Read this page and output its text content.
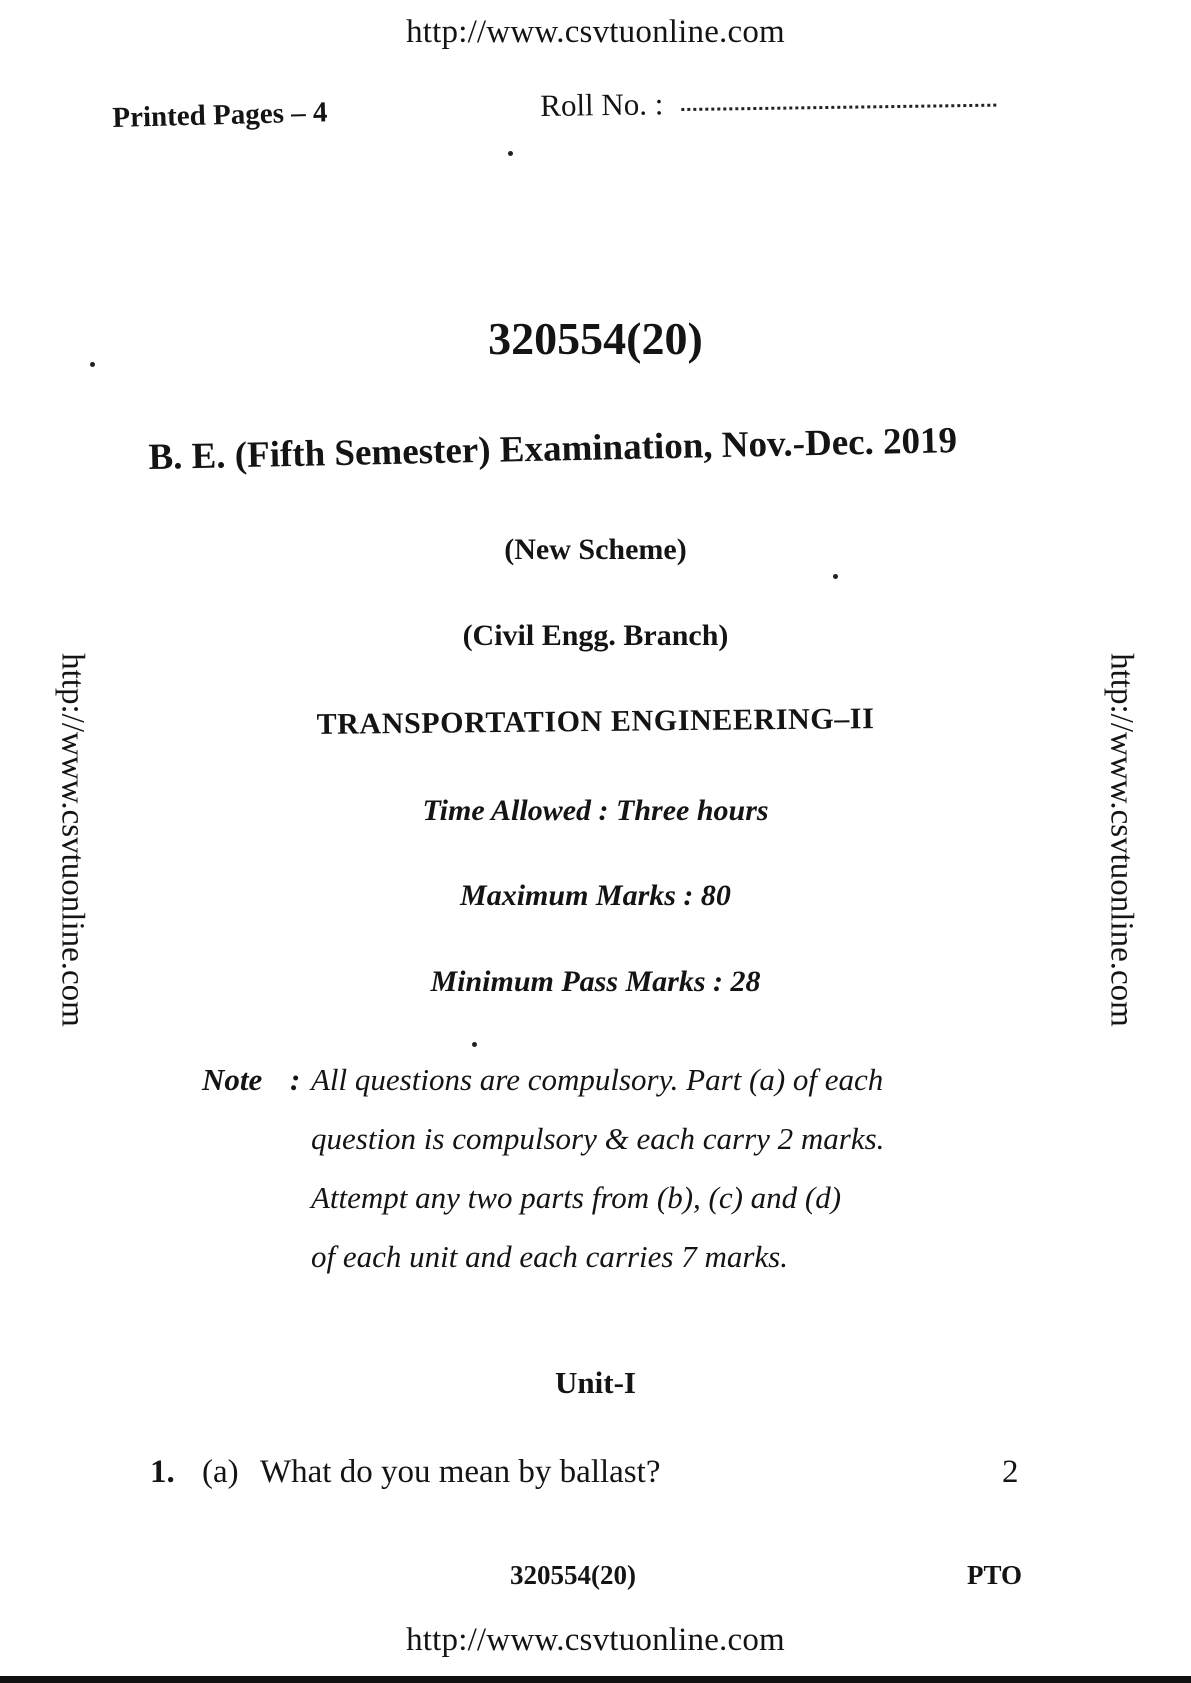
http://www.csvtuonline.com
Printed Pages – 4	Roll No. :
320554(20)
B. E. (Fifth Semester) Examination, Nov.-Dec. 2019
(New Scheme)
(Civil Engg. Branch)
TRANSPORTATION ENGINEERING–II
Time Allowed : Three hours
Maximum Marks : 80
Minimum Pass Marks : 28
Note : All questions are compulsory. Part (a) of each
question is compulsory & each carry 2 marks.
Attempt any two parts from (b), (c) and (d)
of each unit and each carries 7 marks.
Unit-I
1. (a) What do you mean by ballast?	2
320554(20)	PTO
http://www.csvtuonline.com
http://www.csvtuonline.com	http://www.csvtuonline.com
